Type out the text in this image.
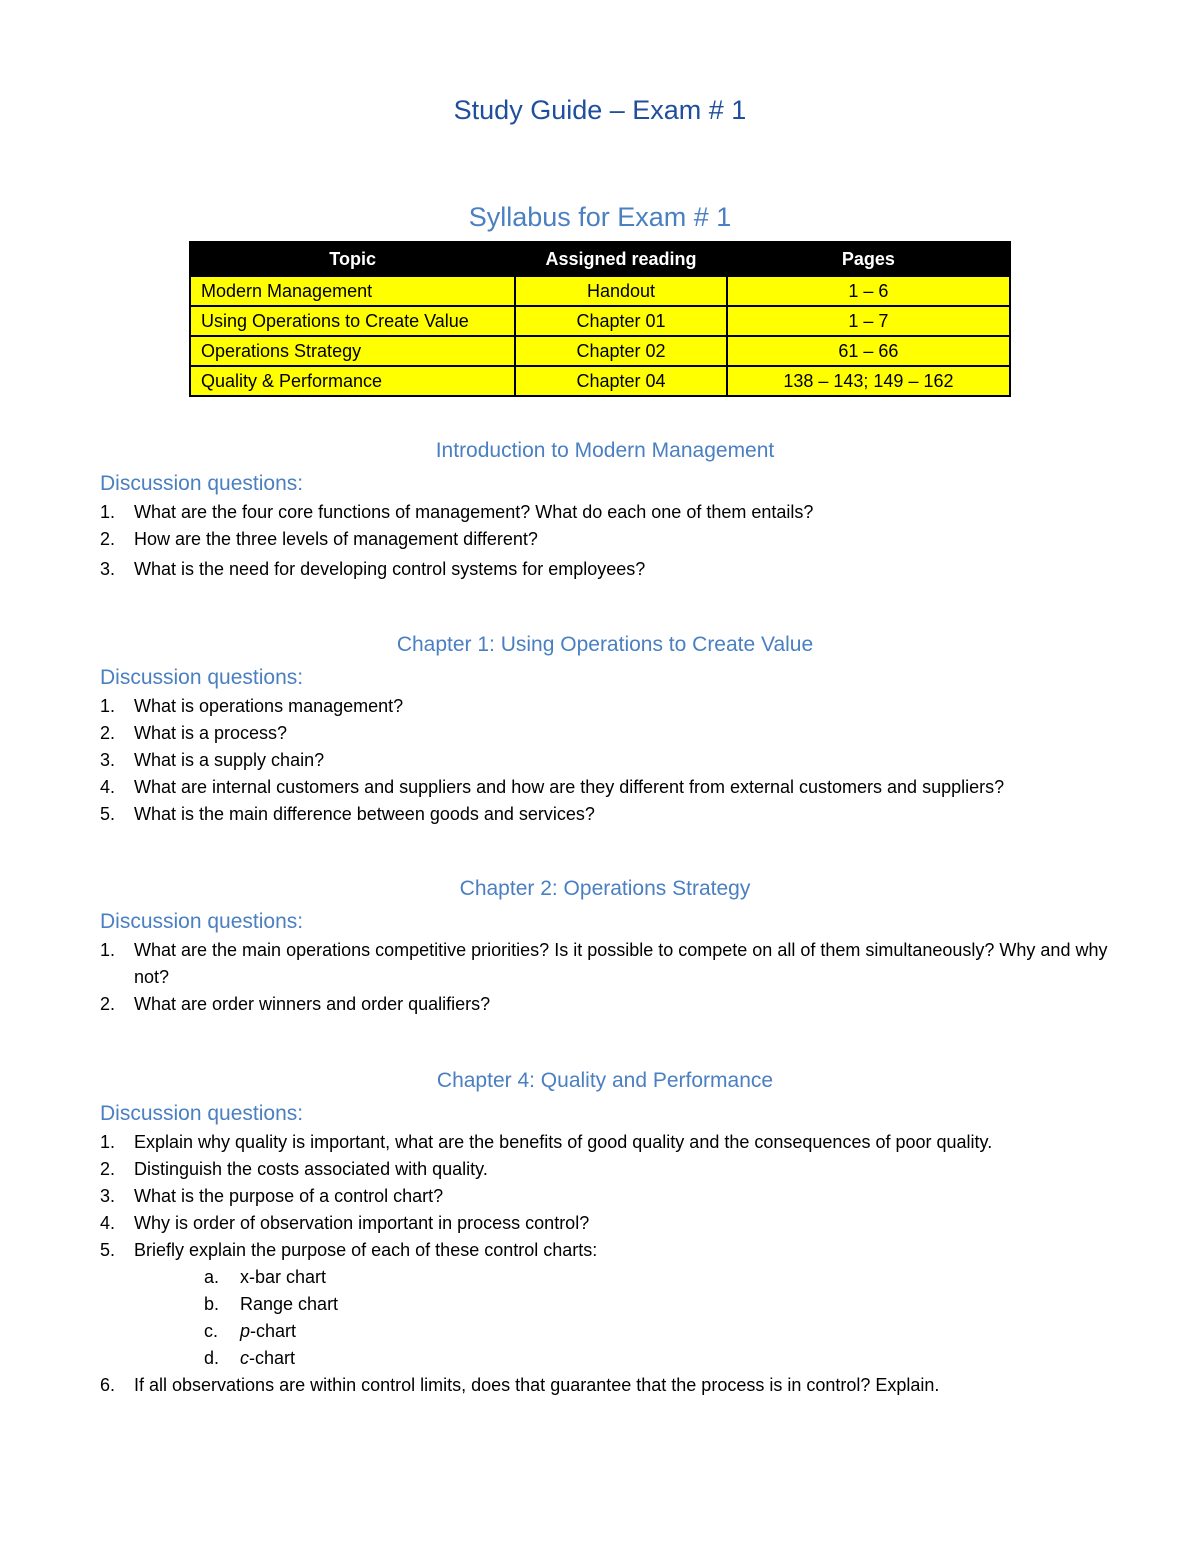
Study Guide – Exam # 1
Syllabus for Exam # 1
Topic	Assigned reading	Pages
Modern Management	Handout	1 – 6
Using Operations to Create Value	Chapter 01	1 – 7
Operations Strategy	Chapter 02	61 – 66
Quality & Performance	Chapter 04	138 – 143; 149 – 162
Introduction to Modern Management
Discussion questions:
1. What are the four core functions of management? What do each one of them entails?
2. How are the three levels of management different?
3. What is the need for developing control systems for employees?
Chapter 1: Using Operations to Create Value
Discussion questions:
1. What is operations management?
2. What is a process?
3. What is a supply chain?
4. What are internal customers and suppliers and how are they different from external customers and suppliers?
5. What is the main difference between goods and services?
Chapter 2: Operations Strategy
Discussion questions:
1. What are the main operations competitive priorities? Is it possible to compete on all of them simultaneously? Why and why not?
2. What are order winners and order qualifiers?
Chapter 4: Quality and Performance
Discussion questions:
1. Explain why quality is important, what are the benefits of good quality and the consequences of poor quality.
2. Distinguish the costs associated with quality.
3. What is the purpose of a control chart?
4. Why is order of observation important in process control?
5. Briefly explain the purpose of each of these control charts:
a. x-bar chart
b. Range chart
c. p-chart
d. c-chart
6. If all observations are within control limits, does that guarantee that the process is in control? Explain.
